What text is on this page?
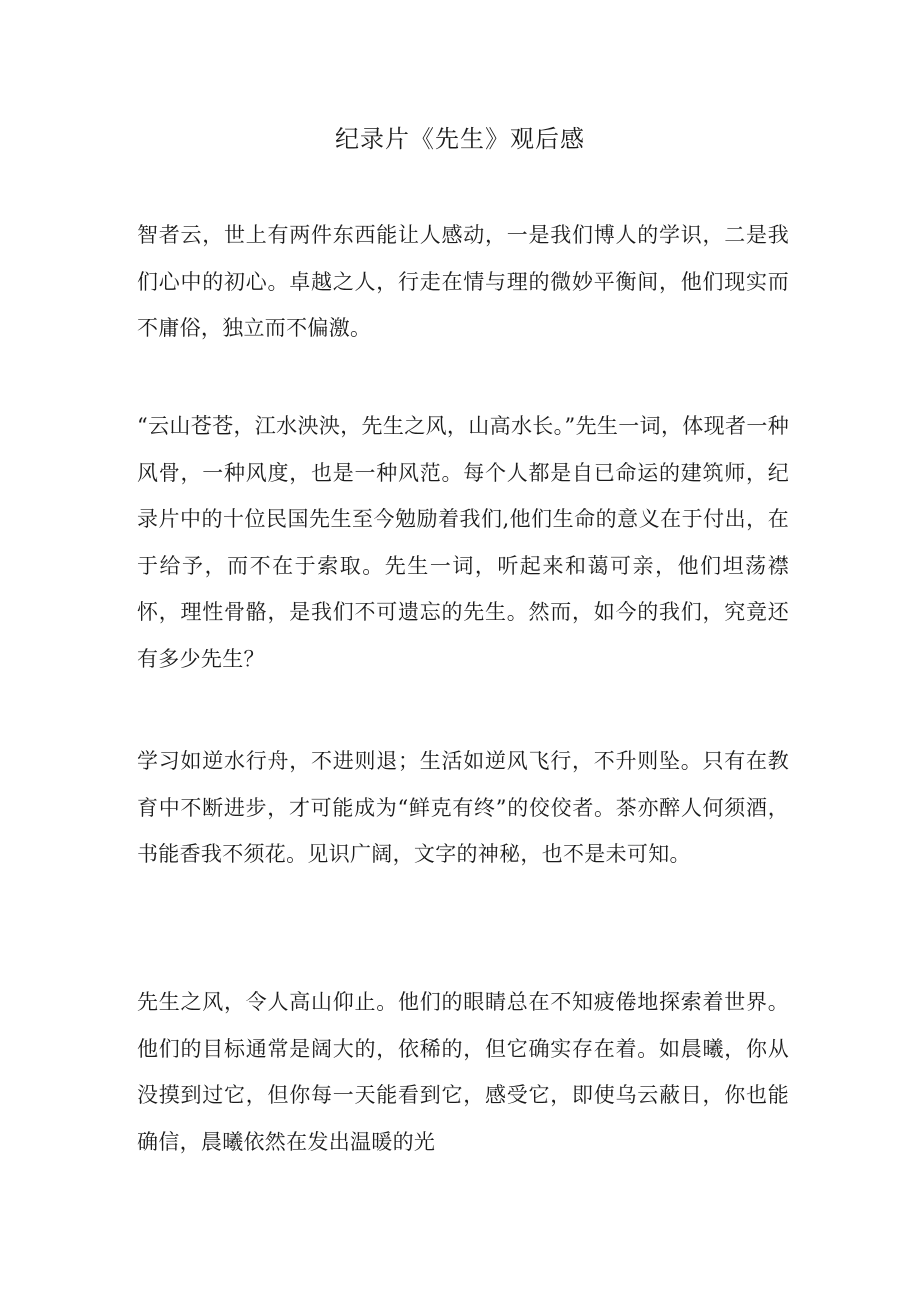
纪录片《先生》观后感

智者云，世上有两件东西能让人感动，一是我们博人的学识，二是我们心中的初心。卓越之人，行走在情与理的微妙平衡间，他们现实而不庸俗，独立而不偏激。

“云山苍苍，江水泱泱，先生之风，山高水长。”先生一词，体现者一种风骨，一种风度，也是一种风范。每个人都是自已命运的建筑师，纪录片中的十位民国先生至今勉励着我们,他们生命的意义在于付出，在于给予，而不在于索取。先生一词，听起来和蔼可亲，他们坦荡襟怀，理性骨骼，是我们不可遗忘的先生。然而，如今的我们，究竟还有多少先生？

学习如逆水行舟，不进则退；生活如逆风飞行，不升则坠。只有在教育中不断进步，才可能成为“鲜克有终”的佼佼者。茶亦醉人何须酒，书能香我不须花。见识广阔，文字的神秘，也不是未可知。

先生之风，令人高山仰止。他们的眼睛总在不知疲倦地探索着世界。他们的目标通常是阔大的，依稀的，但它确实存在着。如晨曦，你从没摸到过它，但你每一天能看到它，感受它，即使乌云蔽日，你也能确信，晨曦依然在发出温暖的光
